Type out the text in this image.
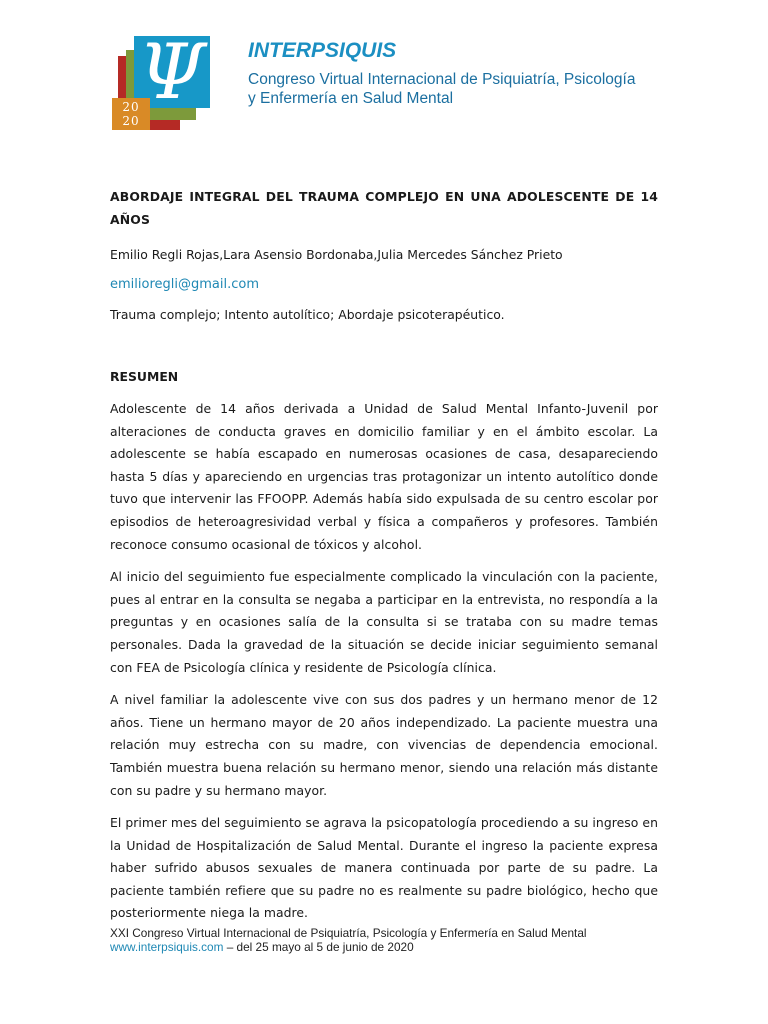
Ψ
20
20

INTERPSIQUIS

Congreso Virtual Internacional de Psiquiatría, Psicología
y Enfermería en Salud Mental

ABORDAJE INTEGRAL DEL TRAUMA COMPLEJO EN UNA ADOLESCENTE DE 14 AÑOS

Emilio Regli Rojas,Lara Asensio Bordonaba,Julia Mercedes Sánchez Prieto

emilioregli@gmail.com

Trauma complejo; Intento autolítico; Abordaje psicoterapéutico.

RESUMEN

Adolescente de 14 años derivada a Unidad de Salud Mental Infanto-Juvenil por alteraciones de conducta graves en domicilio familiar y en el ámbito escolar. La adolescente se había escapado en numerosas ocasiones de casa, desapareciendo hasta 5 días y apareciendo en urgencias tras protagonizar un intento autolítico donde tuvo que intervenir las FFOOPP. Además había sido expulsada de su centro escolar por episodios de heteroagresividad verbal y física a compañeros y profesores. También reconoce consumo ocasional de tóxicos y alcohol.

Al inicio del seguimiento fue especialmente complicado la vinculación con la paciente, pues al entrar en la consulta se negaba a participar en la entrevista, no respondía a la preguntas y en ocasiones salía de la consulta si se trataba con su madre temas personales. Dada la gravedad de la situación se decide iniciar seguimiento semanal con FEA de Psicología clínica y residente de Psicología clínica.

A nivel familiar la adolescente vive con sus dos padres y un hermano menor de 12 años. Tiene un hermano mayor de 20 años independizado. La paciente muestra una relación muy estrecha con su madre, con vivencias de dependencia emocional. También muestra buena relación su hermano menor, siendo una relación más distante con su padre y su hermano mayor.

El primer mes del seguimiento se agrava la psicopatología procediendo a su ingreso en la Unidad de Hospitalización de Salud Mental. Durante el ingreso la paciente expresa haber sufrido abusos sexuales de manera continuada por parte de su padre. La paciente también refiere que su padre no es realmente su padre biológico, hecho que posteriormente niega la madre.

XXI Congreso Virtual Internacional de Psiquiatría, Psicología y Enfermería en Salud Mental
www.interpsiquis.com – del 25 mayo al 5 de junio de 2020
